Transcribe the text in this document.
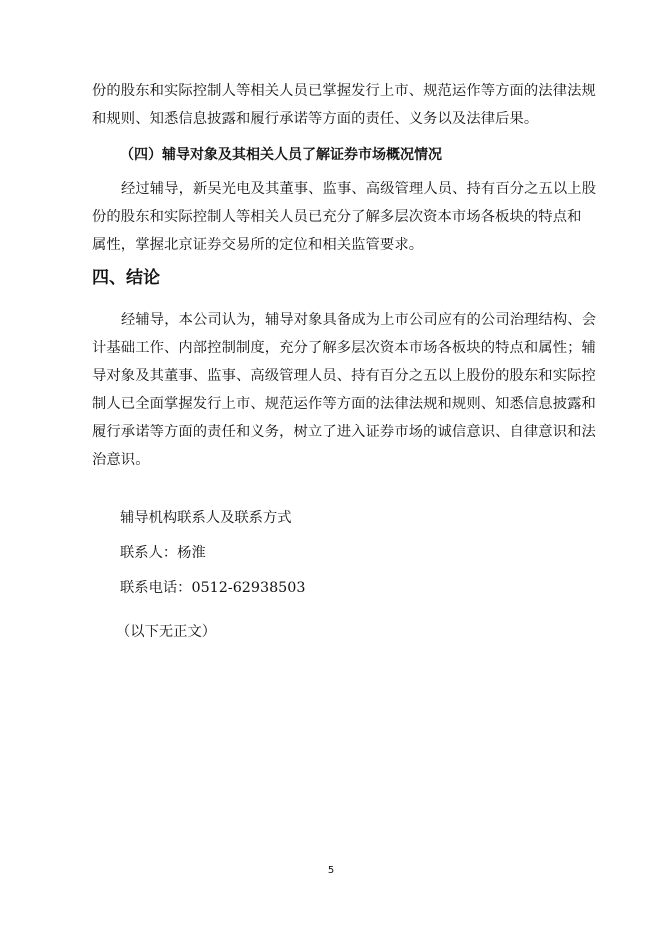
份的股东和实际控制人等相关人员已掌握发行上市、规范运作等方面的法律法规
和规则、知悉信息披露和履行承诺等方面的责任、义务以及法律后果。
（四）辅导对象及其相关人员了解证券市场概况情况
经过辅导，新吴光电及其董事、监事、高级管理人员、持有百分之五以上股
份的股东和实际控制人等相关人员已充分了解多层次资本市场各板块的特点和
属性，掌握北京证券交易所的定位和相关监管要求。
四、结论
经辅导，本公司认为，辅导对象具备成为上市公司应有的公司治理结构、会
计基础工作、内部控制制度，充分了解多层次资本市场各板块的特点和属性；辅
导对象及其董事、监事、高级管理人员、持有百分之五以上股份的股东和实际控
制人已全面掌握发行上市、规范运作等方面的法律法规和规则、知悉信息披露和
履行承诺等方面的责任和义务，树立了进入证券市场的诚信意识、自律意识和法
治意识。

辅导机构联系人及联系方式

联系人：杨淮

联系电话：0512-62938503

（以下无正文）

5
